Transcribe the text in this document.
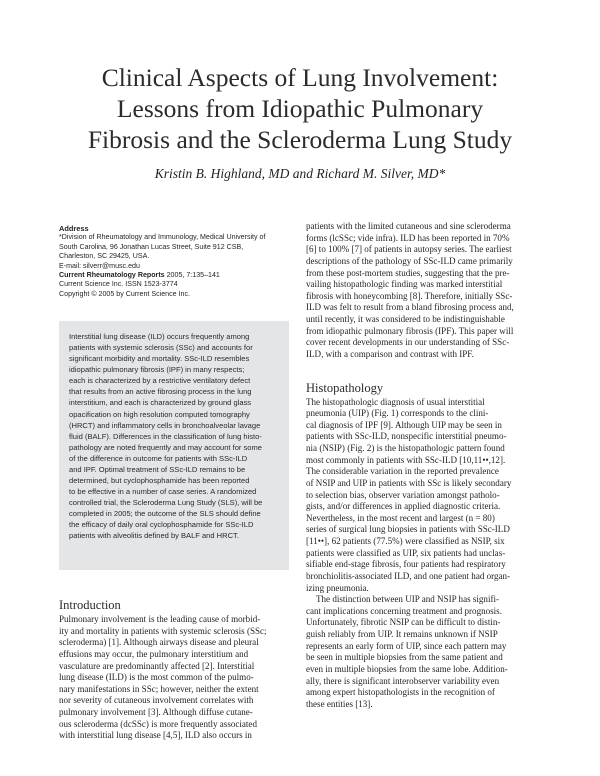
Clinical Aspects of Lung Involvement:
Lessons from Idiopathic Pulmonary
Fibrosis and the Scleroderma Lung Study
Kristin B. Highland, MD and Richard M. Silver, MD*
Address
*Division of Rheumatology and Immunology, Medical University of
South Carolina, 96 Jonathan Lucas Street, Suite 912 CSB,
Charleston, SC 29425, USA.
E-mail: silverr@musc.edu
Current Rheumatology Reports 2005, 7:135–141
Current Science Inc. ISSN 1523-3774
Copyright © 2005 by Current Science Inc.
Interstitial lung disease (ILD) occurs frequently among
patients with systemic sclerosis (SSc) and accounts for
significant morbidity and mortality. SSc-ILD resembles
idiopathic pulmonary fibrosis (IPF) in many respects;
each is characterized by a restrictive ventilatory defect
that results from an active fibrosing process in the lung
interstitium, and each is characterized by ground glass
opacification on high resolution computed tomography
(HRCT) and inflammatory cells in bronchoalveolar lavage
fluid (BALF). Differences in the classification of lung histo-
pathology are noted frequently and may account for some
of the difference in outcome for patients with SSc-ILD
and IPF. Optimal treatment of SSc-ILD remains to be
determined, but cyclophosphamide has been reported
to be effective in a number of case series. A randomized
controlled trial, the Scleroderma Lung Study (SLS), will be
completed in 2005; the outcome of the SLS should define
the efficacy of daily oral cyclophosphamide for SSc-ILD
patients with alveolitis defined by BALF and HRCT.
Introduction
Pulmonary involvement is the leading cause of morbid-
ity and mortality in patients with systemic sclerosis (SSc;
scleroderma) [1]. Although airways disease and pleural
effusions may occur, the pulmonary interstitium and
vasculature are predominantly affected [2]. Interstitial
lung disease (ILD) is the most common of the pulmo-
nary manifestations in SSc; however, neither the extent
nor severity of cutaneous involvement correlates with
pulmonary involvement [3]. Although diffuse cutane-
ous scleroderma (dcSSc) is more frequently associated
with interstitial lung disease [4,5], ILD also occurs in
patients with the limited cutaneous and sine scleroderma
forms (lcSSc; vide infra). ILD has been reported in 70%
[6] to 100% [7] of patients in autopsy series. The earliest
descriptions of the pathology of SSc-ILD came primarily
from these post-mortem studies, suggesting that the pre-
vailing histopathologic finding was marked interstitial
fibrosis with honeycombing [8]. Therefore, initially SSc-
ILD was felt to result from a bland fibrosing process and,
until recently, it was considered to be indistinguishable
from idiopathic pulmonary fibrosis (IPF). This paper will
cover recent developments in our understanding of SSc-
ILD, with a comparison and contrast with IPF.
Histopathology
The histopathologic diagnosis of usual interstitial
pneumonia (UIP) (Fig. 1) corresponds to the clini-
cal diagnosis of IPF [9]. Although UIP may be seen in
patients with SSc-ILD, nonspecific interstitial pneumo-
nia (NSIP) (Fig. 2) is the histopathologic pattern found
most commonly in patients with SSc-ILD [10,11••,12].
The considerable variation in the reported prevalence
of NSIP and UIP in patients with SSc is likely secondary
to selection bias, observer variation amongst patholo-
gists, and/or differences in applied diagnostic criteria.
Nevertheless, in the most recent and largest (n = 80)
series of surgical lung biopsies in patients with SSc-ILD
[11••], 62 patients (77.5%) were classified as NSIP, six
patients were classified as UIP, six patients had unclas-
sifiable end-stage fibrosis, four patients had respiratory
bronchiolitis-associated ILD, and one patient had organ-
izing pneumonia.
The distinction between UIP and NSIP has signifi-
cant implications concerning treatment and prognosis.
Unfortunately, fibrotic NSIP can be difficult to distin-
guish reliably from UIP. It remains unknown if NSIP
represents an early form of UIP, since each pattern may
be seen in multiple biopsies from the same patient and
even in multiple biopsies from the same lobe. Addition-
ally, there is significant interobserver variability even
among expert histopathologists in the recognition of
these entities [13].
